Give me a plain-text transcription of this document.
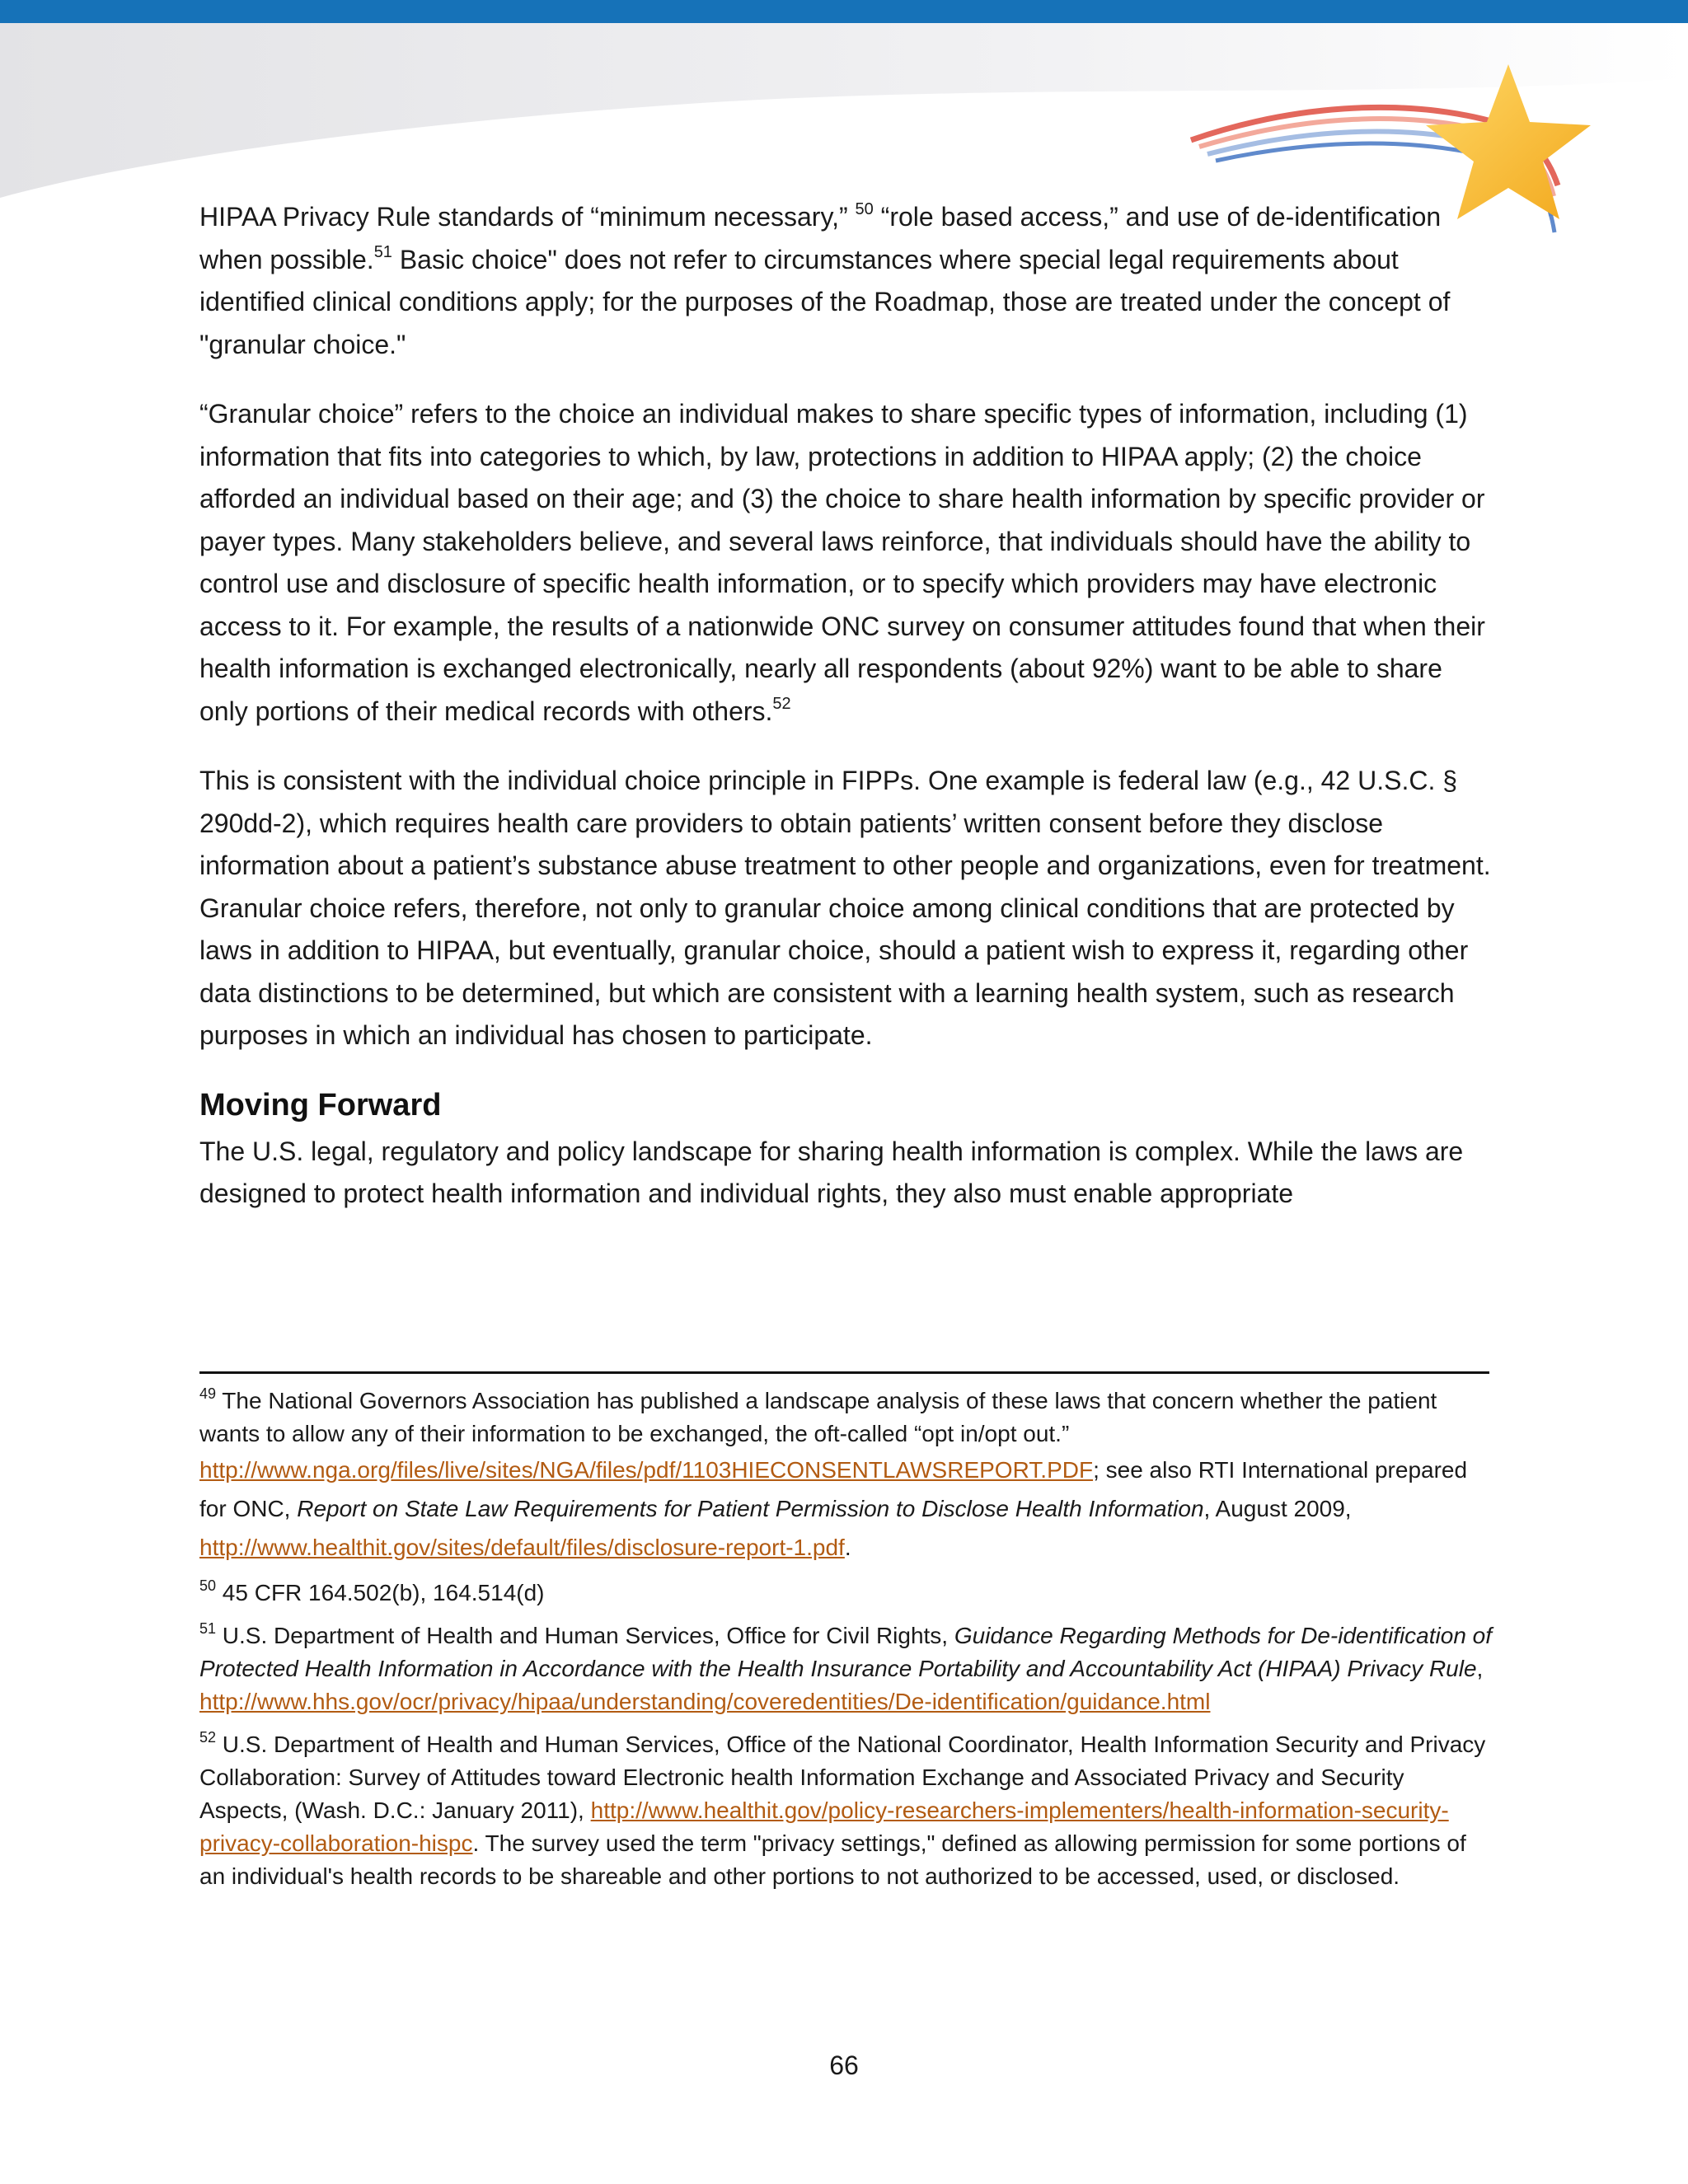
HIPAA Privacy Rule standards of “minimum necessary,” $^{50}$ “role based access,” and use of de-identification when possible.$^{51}$ Basic choice" does not refer to circumstances where special legal requirements about identified clinical conditions apply; for the purposes of the Roadmap, those are treated under the concept of "granular choice."

“Granular choice” refers to the choice an individual makes to share specific types of information, including (1) information that fits into categories to which, by law, protections in addition to HIPAA apply; (2) the choice afforded an individual based on their age; and (3) the choice to share health information by specific provider or payer types. Many stakeholders believe, and several laws reinforce, that individuals should have the ability to control use and disclosure of specific health information, or to specify which providers may have electronic access to it. For example, the results of a nationwide ONC survey on consumer attitudes found that when their health information is exchanged electronically, nearly all respondents (about 92%) want to be able to share only portions of their medical records with others.$^{52}$

This is consistent with the individual choice principle in FIPPs. One example is federal law (e.g., 42 U.S.C. § 290dd-2), which requires health care providers to obtain patients’ written consent before they disclose information about a patient’s substance abuse treatment to other people and organizations, even for treatment. Granular choice refers, therefore, not only to granular choice among clinical conditions that are protected by laws in addition to HIPAA, but eventually, granular choice, should a patient wish to express it, regarding other data distinctions to be determined, but which are consistent with a learning health system, such as research purposes in which an individual has chosen to participate.

Moving Forward

The U.S. legal, regulatory and policy landscape for sharing health information is complex. While the laws are designed to protect health information and individual rights, they also must enable appropriate

$^{49}$ The National Governors Association has published a landscape analysis of these laws that concern whether the patient wants to allow any of their information to be exchanged, the oft-called “opt in/opt out.”
http://www.nga.org/files/live/sites/NGA/files/pdf/1103HIECONSENTLAWSREPORT.PDF; see also RTI International prepared for ONC, Report on State Law Requirements for Patient Permission to Disclose Health Information, August 2009, http://www.healthit.gov/sites/default/files/disclosure-report-1.pdf.
$^{50}$ 45 CFR 164.502(b), 164.514(d)
$^{51}$ U.S. Department of Health and Human Services, Office for Civil Rights, Guidance Regarding Methods for De-identification of Protected Health Information in Accordance with the Health Insurance Portability and Accountability Act (HIPAA) Privacy Rule, http://www.hhs.gov/ocr/privacy/hipaa/understanding/coveredentities/De-identification/guidance.html
$^{52}$ U.S. Department of Health and Human Services, Office of the National Coordinator, Health Information Security and Privacy Collaboration: Survey of Attitudes toward Electronic health Information Exchange and Associated Privacy and Security Aspects, (Wash. D.C.: January 2011), http://www.healthit.gov/policy-researchers-implementers/health-information-security-privacy-collaboration-hispc. The survey used the term "privacy settings," defined as allowing permission for some portions of an individual's health records to be shareable and other portions to not authorized to be accessed, used, or disclosed.
66
